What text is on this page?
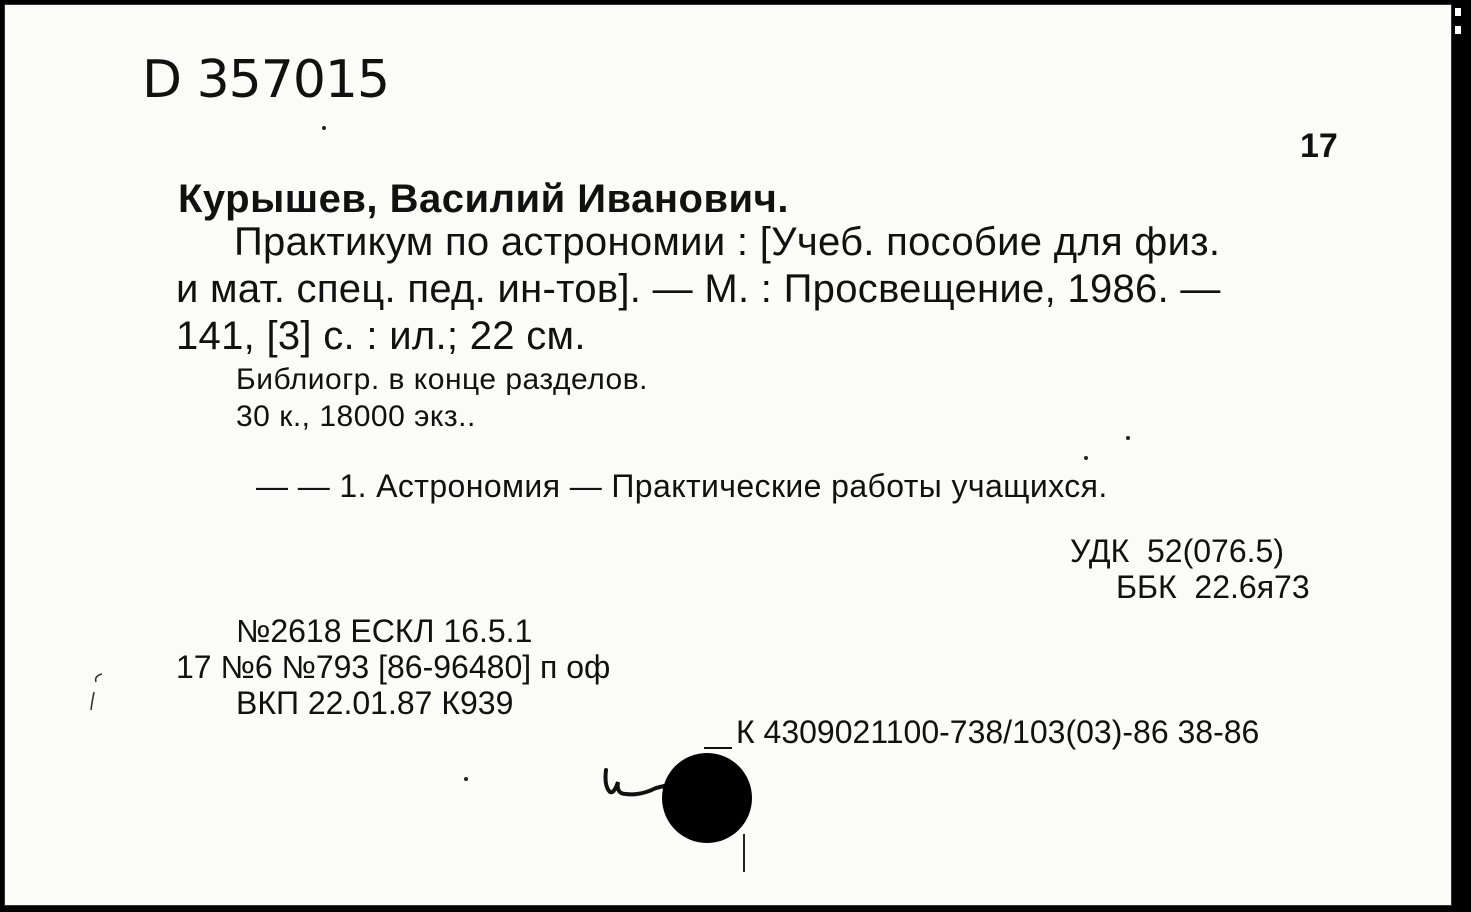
D 357015
17
Курышев, Василий Иванович.
Практикум по астрономии : [Учеб. пособие для физ.
и мат. спец. пед. ин-тов]. — М. : Просвещение, 1986. —
141, [3] с. : ил.; 22 см.
Библиогр. в конце разделов.
30 к., 18000 экз..
— — 1. Астрономия — Практические работы учащихся.
УДК  52(076.5)
ББК  22.6я73
№2618 ЕСКЛ 16.5.1
17 №6 №793 [86-96480] п оф
ВКП 22.01.87 К939
К 4309021100-738/103(03)-86 38-86
